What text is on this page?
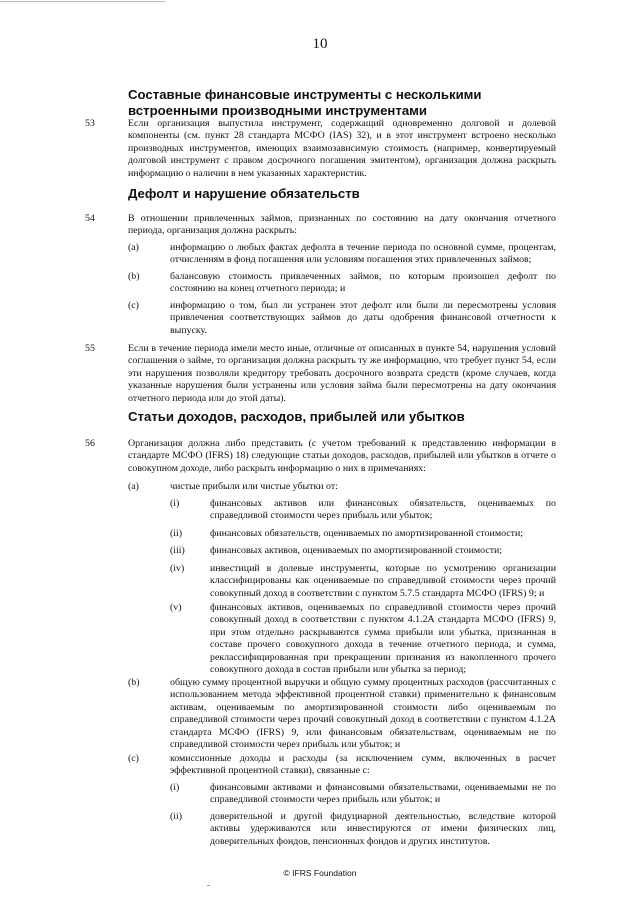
10
Составные финансовые инструменты с несколькими встроенными производными инструментами
53	Если организация выпустила инструмент, содержащий одновременно долговой и долевой компоненты (см. пункт 28 стандарта МСФО (IAS) 32), и в этот инструмент встроено несколько производных инструментов, имеющих взаимозависимую стоимость (например, конвертируемый долговой инструмент с правом досрочного погашения эмитентом), организация должна раскрыть информацию о наличии в нем указанных характеристик.
Дефолт и нарушение обязательств
54	В отношении привлеченных займов, признанных по состоянию на дату окончания отчетного периода, организация должна раскрыть:
(a)	информацию о любых фактах дефолта в течение периода по основной сумме, процентам, отчислениям в фонд погашения или условиям погашения этих привлеченных займов;
(b)	балансовую стоимость привлеченных займов, по которым произошел дефолт по состоянию на конец отчетного периода; и
(c)	информацию о том, был ли устранен этот дефолт или были ли пересмотрены условия привлечения соответствующих займов до даты одобрения финансовой отчетности к выпуску.
55	Если в течение периода имели место иные, отличные от описанных в пункте 54, нарушения условий соглашения о займе, то организация должна раскрыть ту же информацию, что требует пункт 54, если эти нарушения позволяли кредитору требовать досрочного возврата средств (кроме случаев, когда указанные нарушения были устранены или условия займа были пересмотрены на дату окончания отчетного периода или до этой даты).
Статьи доходов, расходов, прибылей или убытков
56	Организация должна либо представить (с учетом требований к представлению информации в стандарте МСФО (IFRS) 18) следующие статьи доходов, расходов, прибылей или убытков в отчете о совокупном доходе, либо раскрыть информацию о них в примечаниях:
(a)	чистые прибыли или чистые убытки от:
(i)	финансовых активов или финансовых обязательств, оцениваемых по справедливой стоимости через прибыль или убыток;
(ii)	финансовых обязательств, оцениваемых по амортизированной стоимости;
(iii)	финансовых активов, оцениваемых по амортизированной стоимости;
(iv)	инвестиций в долевые инструменты, которые по усмотрению организации классифицированы как оцениваемые по справедливой стоимости через прочий совокупный доход в соответствии с пунктом 5.7.5 стандарта МСФО (IFRS) 9; и
(v)	финансовых активов, оцениваемых по справедливой стоимости через прочий совокупный доход в соответствии с пунктом 4.1.2A стандарта МСФО (IFRS) 9, при этом отдельно раскрываются сумма прибыли или убытка, признанная в составе прочего совокупного дохода в течение отчетного периода, и сумма, реклассифицированная при прекращении признания из накопленного прочего совокупного дохода в состав прибыли или убытка за период;
(b)	общую сумму процентной выручки и общую сумму процентных расходов (рассчитанных с использованием метода эффективной процентной ставки) применительно к финансовым активам, оцениваемым по амортизированной стоимости либо оцениваемым по справедливой стоимости через прочий совокупный доход в соответствии с пунктом 4.1.2A стандарта МСФО (IFRS) 9, или финансовым обязательствам, оцениваемым не по справедливой стоимости через прибыль или убыток; и
(c)	комиссионные доходы и расходы (за исключением сумм, включенных в расчет эффективной процентной ставки), связанные с:
(i)	финансовыми активами и финансовыми обязательствами, оцениваемыми не по справедливой стоимости через прибыль или убыток; и
(ii)	доверительной и другой фидуциарной деятельностью, вследствие которой активы удерживаются или инвестируются от имени физических лиц, доверительных фондов, пенсионных фондов и других институтов.
© IFRS Foundation
